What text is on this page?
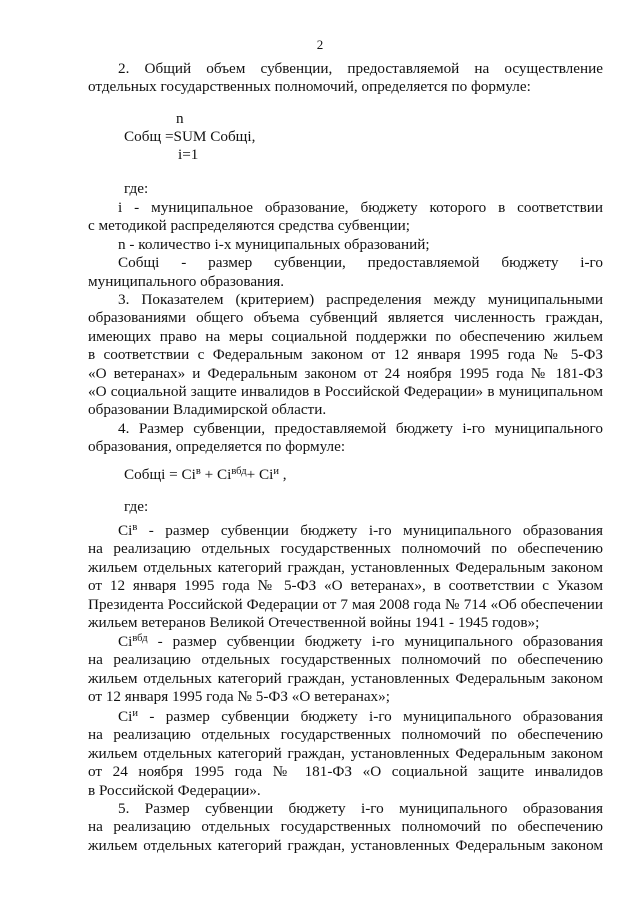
2

2. Общий объем субвенции, предоставляемой на осуществление

отдельных государственных полномочий, определяется по формуле:

n
Cобщ =SUM Cобщi,
i=1
где:

i - муниципальное образование, бюджету которого в соответствии

с методикой распределяются средства субвенции;

n - количество i-х муниципальных образований;

Cобщi - размер субвенции, предоставляемой бюджету i-го

муниципального образования.

3. Показателем (критерием) распределения между муниципальными

образованиями общего объема субвенций является численность граждан,

имеющих право на меры социальной поддержки по обеспечению жильем

в соответствии с Федеральным законом от 12 января 1995 года № 5-ФЗ

«О ветеранах» и Федеральным законом от 24 ноября 1995 года № 181-ФЗ

«О социальной защите инвалидов в Российской Федерации» в муниципальном

образовании Владимирской области.

4. Размер субвенции, предоставляемой бюджету i-го муниципального

образования, определяется по формуле:

Cобщi = $Ci^в + Ci^{вбд}+ Ci^и$ ,
где:

$Ci^в$ - размер субвенции бюджету i-го муниципального образования

на реализацию отдельных государственных полномочий по обеспечению

жильем отдельных категорий граждан, установленных Федеральным законом

от 12 января 1995 года № 5-ФЗ «О ветеранах», в соответствии с Указом

Президента Российской Федерации от 7 мая 2008 года № 714 «Об обеспечении

жильем ветеранов Великой Отечественной войны 1941 - 1945 годов»;

$Ci^{вбд}$ - размер субвенции бюджету i-го муниципального образования

на реализацию отдельных государственных полномочий по обеспечению

жильем отдельных категорий граждан, установленных Федеральным законом

от 12 января 1995 года № 5-ФЗ «О ветеранах»;

$Ci^и$ - размер субвенции бюджету i-го муниципального образования

на реализацию отдельных государственных полномочий по обеспечению

жильем отдельных категорий граждан, установленных Федеральным законом

от 24 ноября 1995 года № 181-ФЗ «О социальной защите инвалидов

в Российской Федерации».

5. Размер субвенции бюджету i-го муниципального образования

на реализацию отдельных государственных полномочий по обеспечению

жильем отдельных категорий граждан, установленных Федеральным законом
